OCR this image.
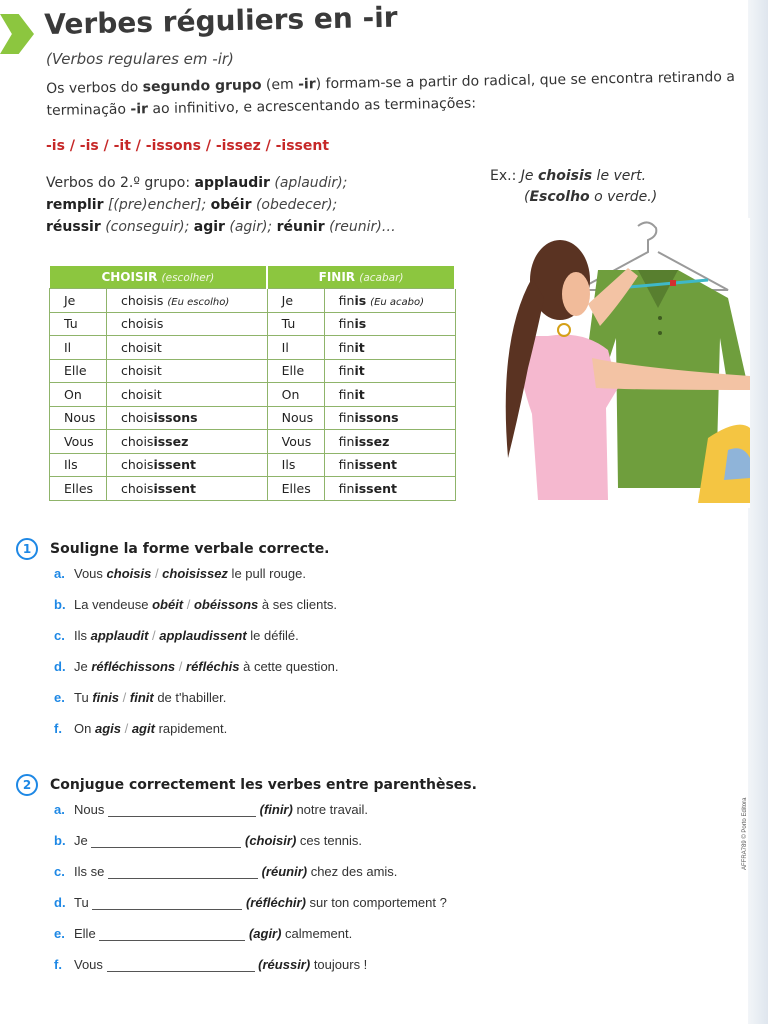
Verbes réguliers en -ir
(Verbos regulares em -ir)
Os verbos do segundo grupo (em -ir) formam-se a partir do radical, que se encontra retirando a terminação -ir ao infinitivo, e acrescentando as terminações:
-is / -is / -it / -issons / -issez / -issent
Verbos do 2.º grupo: applaudir (aplaudir);
remplir [(pre)encher]; obéir (obedecer);
réussir (conseguir); agir (agir); réunir (reunir)…
Ex.: Je choisis le vert.
(Escolho o verde.)
CHOISIR (escolher)		FINIR (acabar)	
Je	choisis (Eu escolho)	Je	finis (Eu acabo)
Tu	choisis	Tu	finis
Il	choisit	Il	finit
Elle	choisit	Elle	finit
On	choisit	On	finit
Nous	choisissons	Nous	finissons
Vous	choisissez	Vous	finissez
Ils	choisissent	Ils	finissent
Elles	choisissent	Elles	finissent
1 Souligne la forme verbale correcte.
a. Vous choisis / choisissez le pull rouge.
b. La vendeuse obéit / obéissons à ses clients.
c. Ils applaudit / applaudissent le défilé.
d. Je réfléchissons / réfléchis à cette question.
e. Tu finis / finit de t'habiller.
f. On agis / agit rapidement.
2 Conjugue correctement les verbes entre parenthèses.
a. Nous	(finir) notre travail.
b. Je	(choisir) ces tennis.
c. Ils se	(réunir) chez des amis.
d. Tu	(réfléchir) sur ton comportement ?
e. Elle	(agir) calmement.
f. Vous	(réussir) toujours !
AFFRA789 © Porto Editora
